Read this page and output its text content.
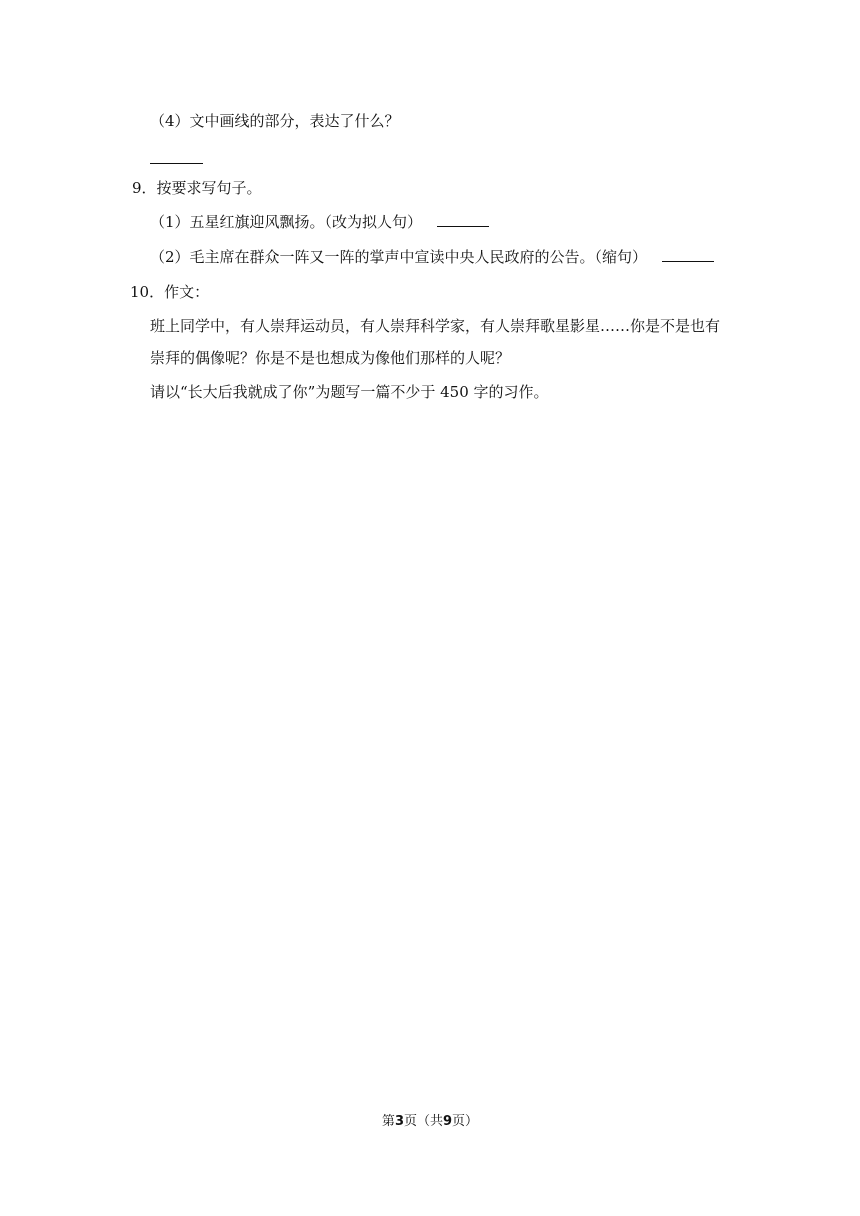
（4）文中画线的部分，表达了什么？
9．按要求写句子。
（1）五星红旗迎风飘扬。（改为拟人句）
（2）毛主席在群众一阵又一阵的掌声中宣读中央人民政府的公告。（缩句）
10．作文：
班上同学中，有人崇拜运动员，有人崇拜科学家，有人崇拜歌星影星……你是不是也有
崇拜的偶像呢？你是不是也想成为像他们那样的人呢？
请以“长大后我就成了你”为题写一篇不少于 450 字的习作。
第3页（共9页）
